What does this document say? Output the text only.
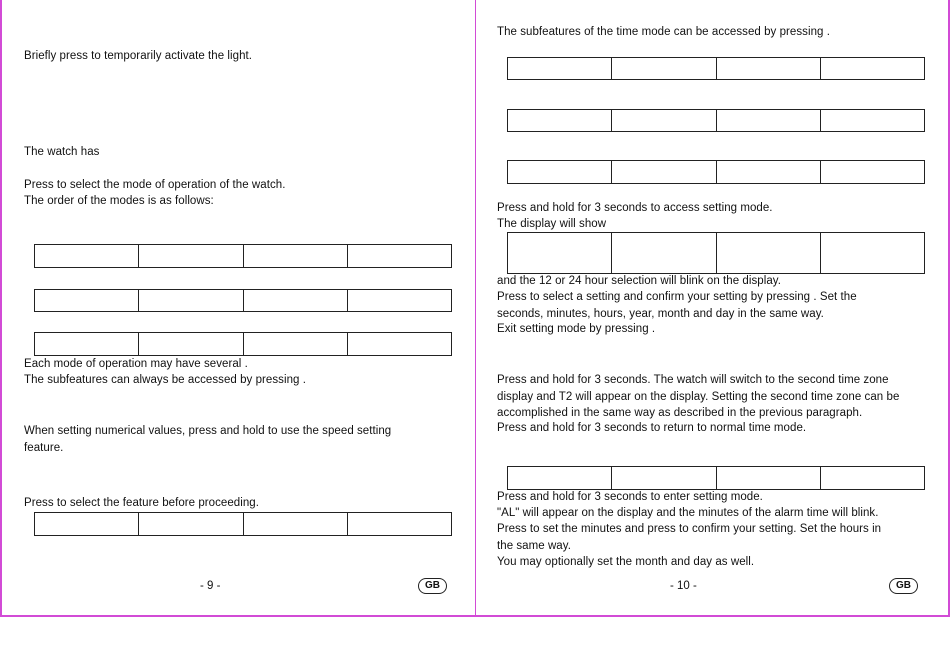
Briefly press to temporarily activate the light.
The watch has
Press to select the mode of operation of the watch.
The order of the modes is as follows:
Each mode of operation may have several .
The subfeatures can always be accessed by pressing .
When setting numerical values, press and hold to use the speed setting
feature.
Press to select the feature before proceeding.
- 9 -	GB
The subfeatures of the time mode can be accessed by pressing .
Press and hold for 3 seconds to access setting mode.
The display will show
and the 12 or 24 hour selection will blink on the display.
Press to select a setting and confirm your setting by pressing . Set the
seconds, minutes, hours, year, month and day in the same way.
Exit setting mode by pressing .
Press and hold for 3 seconds. The watch will switch to the second time zone
display and T2 will appear on the display. Setting the second time zone can be
accomplished in the same way as described in the previous paragraph.
Press and hold for 3 seconds to return to normal time mode.
Press and hold for 3 seconds to enter setting mode.
"AL" will appear on the display and the minutes of the alarm time will blink.
Press to set the minutes and press to confirm your setting. Set the hours in
the same way.
You may optionally set the month and day as well.
- 10 -	GB
